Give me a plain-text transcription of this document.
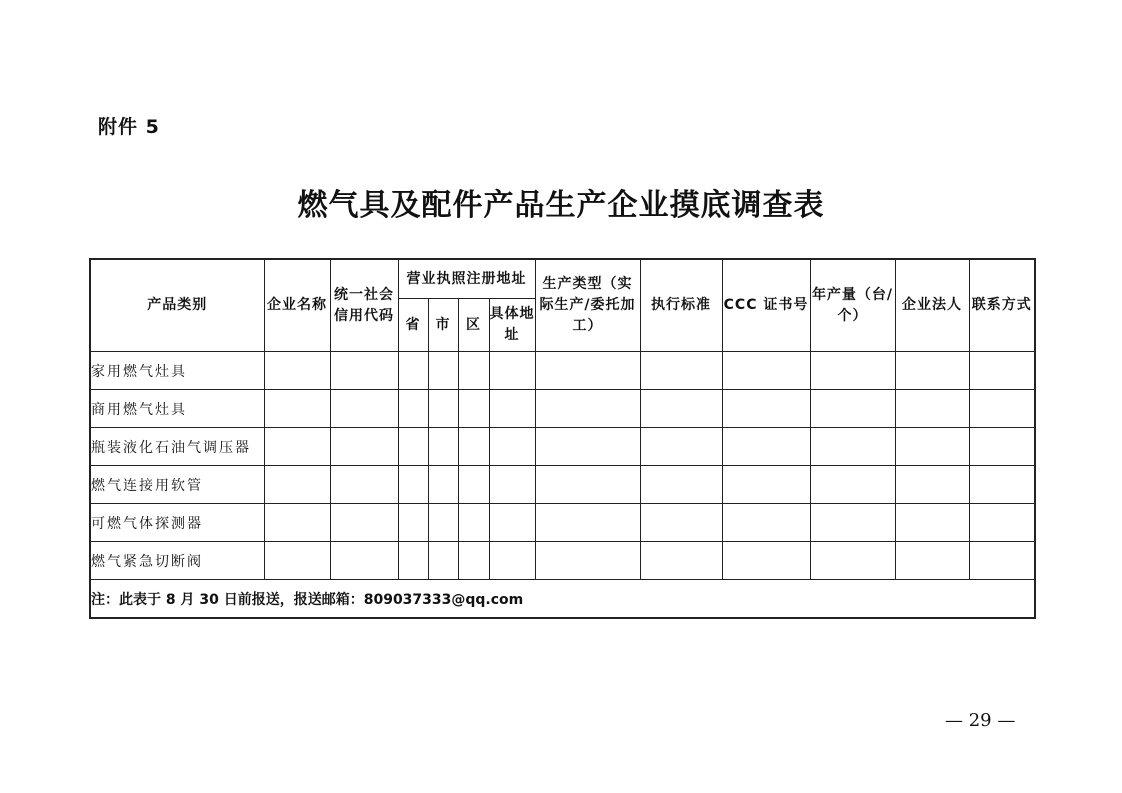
附件 5
燃气具及配件产品生产企业摸底调查表
产品类别	企业名称	统一社会信用代码	营业执照注册地址				生产类型（实际生产/委托加工）	执行标准	CCC 证书号	年产量（台/个）	企业法人	联系方式
			省	市	区	具体地址						
家用燃气灶具												
商用燃气灶具												
瓶装液化石油气调压器												
燃气连接用软管												
可燃气体探测器												
燃气紧急切断阀												
注：此表于 8 月 30 日前报送，报送邮箱：809037333@qq.com												
— 29 —
